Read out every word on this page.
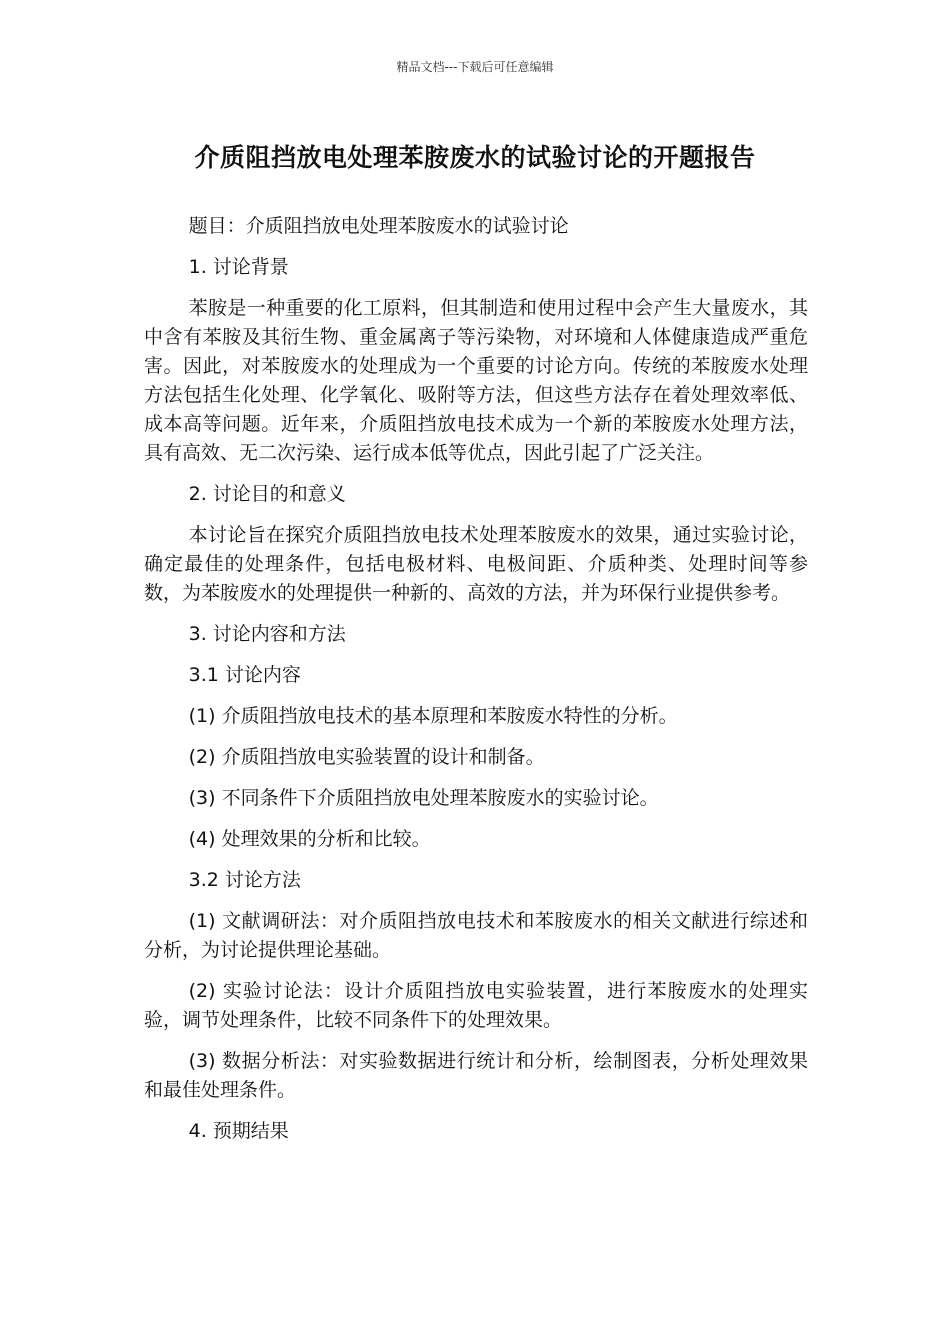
精品文档---下载后可任意编辑
介质阻挡放电处理苯胺废水的试验讨论的开题报告

题目：介质阻挡放电处理苯胺废水的试验讨论

1. 讨论背景

苯胺是一种重要的化工原料，但其制造和使用过程中会产生大量废水，其中含有苯胺及其衍生物、重金属离子等污染物，对环境和人体健康造成严重危害。因此，对苯胺废水的处理成为一个重要的讨论方向。传统的苯胺废水处理方法包括生化处理、化学氧化、吸附等方法，但这些方法存在着处理效率低、成本高等问题。近年来，介质阻挡放电技术成为一个新的苯胺废水处理方法，具有高效、无二次污染、运行成本低等优点，因此引起了广泛关注。

2. 讨论目的和意义

本讨论旨在探究介质阻挡放电技术处理苯胺废水的效果，通过实验讨论，确定最佳的处理条件，包括电极材料、电极间距、介质种类、处理时间等参数，为苯胺废水的处理提供一种新的、高效的方法，并为环保行业提供参考。

3. 讨论内容和方法

3.1 讨论内容

(1) 介质阻挡放电技术的基本原理和苯胺废水特性的分析。

(2) 介质阻挡放电实验装置的设计和制备。

(3) 不同条件下介质阻挡放电处理苯胺废水的实验讨论。

(4) 处理效果的分析和比较。

3.2 讨论方法

(1) 文献调研法：对介质阻挡放电技术和苯胺废水的相关文献进行综述和分析，为讨论提供理论基础。

(2) 实验讨论法：设计介质阻挡放电实验装置，进行苯胺废水的处理实验，调节处理条件，比较不同条件下的处理效果。

(3) 数据分析法：对实验数据进行统计和分析，绘制图表，分析处理效果和最佳处理条件。

4. 预期结果
